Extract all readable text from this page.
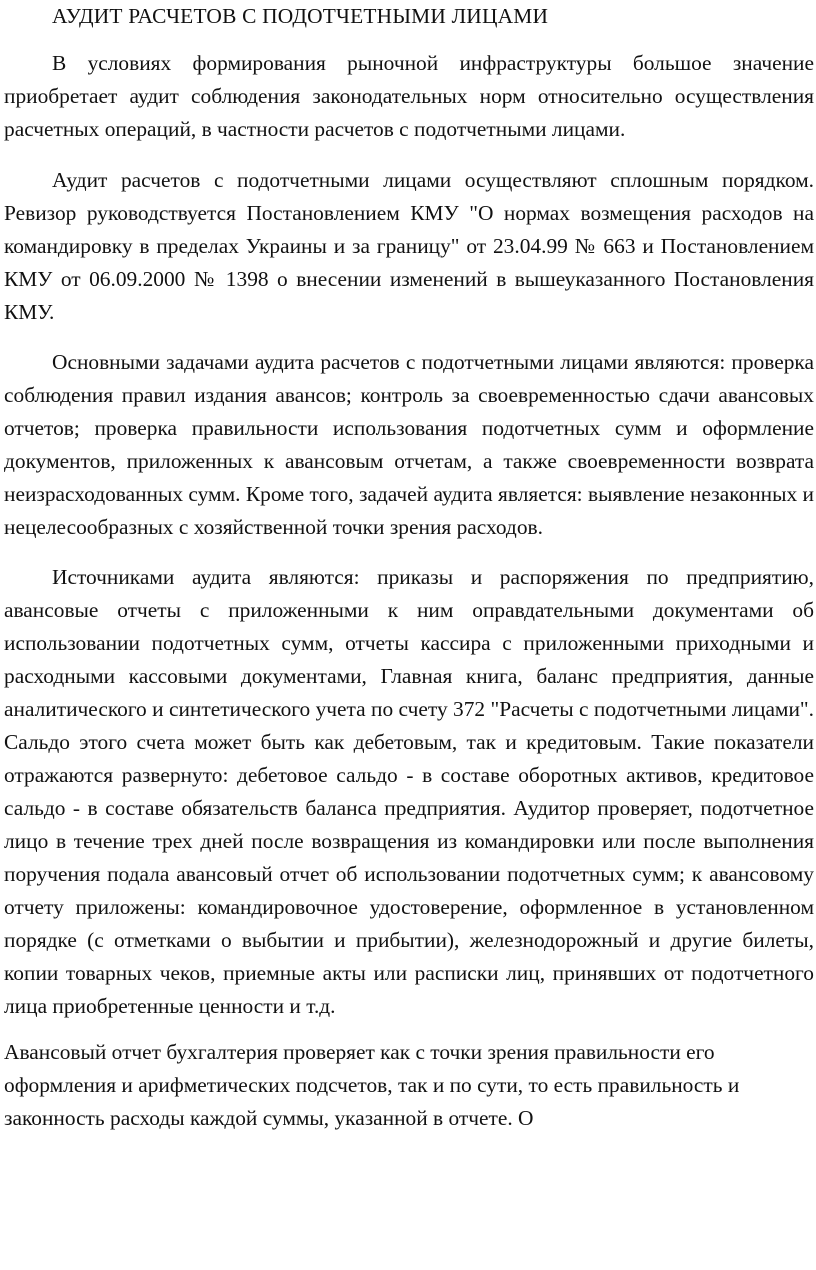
АУДИТ РАСЧЕТОВ С ПОДОТЧЕТНЫМИ ЛИЦАМИ

В условиях формирования рыночной инфраструктуры большое значение приобретает аудит соблюдения законодательных норм относительно осуществления расчетных операций, в частности расчетов с подотчетными лицами.

Аудит расчетов с подотчетными лицами осуществляют сплошным порядком. Ревизор руководствуется Постановлением КМУ "О нормах возмещения расходов на командировку в пределах Украины и за границу" от 23.04.99 № 663 и Постановлением КМУ от 06.09.2000 № 1398 о внесении изменений в вышеуказанного Постановления КМУ.

Основными задачами аудита расчетов с подотчетными лицами являются: проверка соблюдения правил издания авансов; контроль за своевременностью сдачи авансовых отчетов; проверка правильности использования подотчетных сумм и оформление документов, приложенных к авансовым отчетам, а также своевременности возврата неизрасходованных сумм. Кроме того, задачей аудита является: выявление незаконных и нецелесообразных с хозяйственной точки зрения расходов.

Источниками аудита являются: приказы и распоряжения по предприятию, авансовые отчеты с приложенными к ним оправдательными документами об использовании подотчетных сумм, отчеты кассира с приложенными приходными и расходными кассовыми документами, Главная книга, баланс предприятия, данные аналитического и синтетического учета по счету 372 "Расчеты с подотчетными лицами". Сальдо этого счета может быть как дебетовым, так и кредитовым. Такие показатели отражаются развернуто: дебетовое сальдо - в составе оборотных активов, кредитовое сальдо - в составе обязательств баланса предприятия. Аудитор проверяет, подотчетное лицо в течение трех дней после возвращения из командировки или после выполнения поручения подала авансовый отчет об использовании подотчетных сумм; к авансовому отчету приложены: командировочное удостоверение, оформленное в установленном порядке (с отметками о выбытии и прибытии), железнодорожный и другие билеты, копии товарных чеков, приемные акты или расписки лиц, принявших от подотчетного лица приобретенные ценности и т.д.

Авансовый отчет бухгалтерия проверяет как с точки зрения правильности его оформления и арифметических подсчетов, так и по сути, то есть правильность и законность расходы каждой суммы, указанной в отчете. О
